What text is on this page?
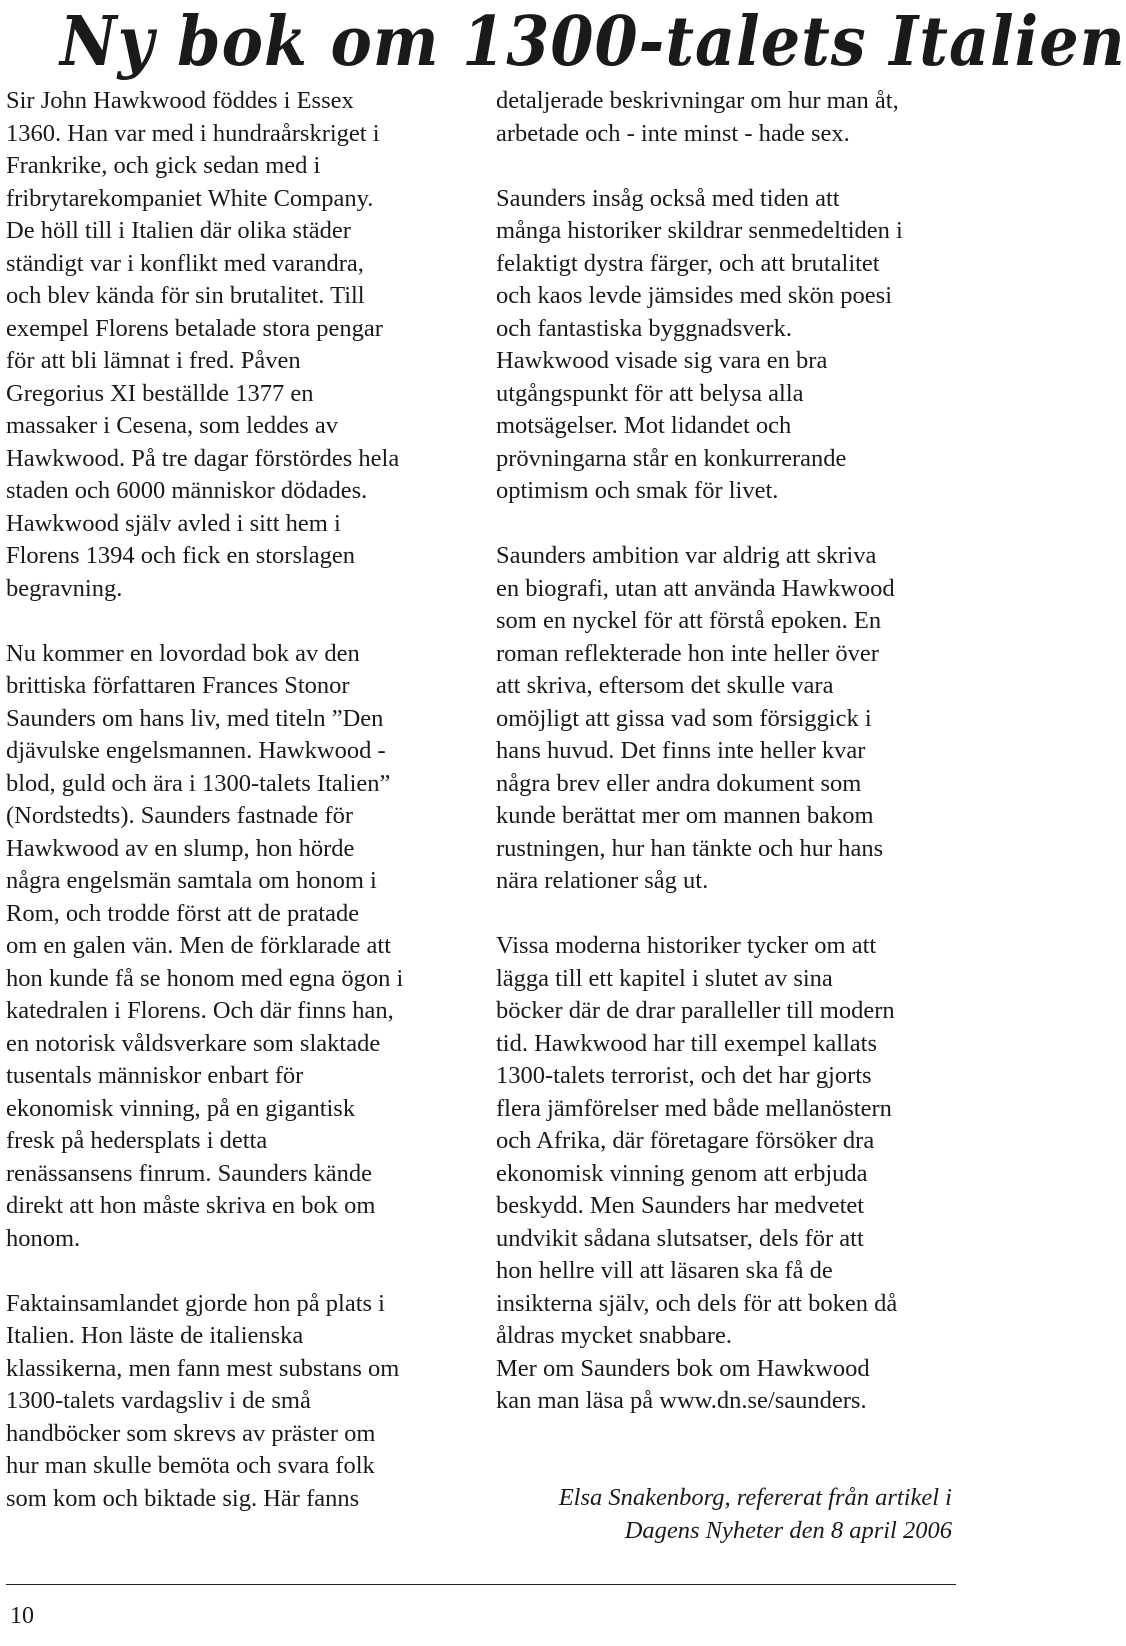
Ny bok om 1300-talets Italien

Sir John Hawkwood föddes i Essex
1360. Han var med i hundraårskriget i
Frankrike, och gick sedan med i
fribrytarekompaniet White Company.
De höll till i Italien där olika städer
ständigt var i konflikt med varandra,
och blev kända för sin brutalitet. Till
exempel Florens betalade stora pengar
för att bli lämnat i fred. Påven
Gregorius XI beställde 1377 en
massaker i Cesena, som leddes av
Hawkwood. På tre dagar förstördes hela
staden och 6000 människor dödades.
Hawkwood själv avled i sitt hem i
Florens 1394 och fick en storslagen
begravning.

Nu kommer en lovordad bok av den
brittiska författaren Frances Stonor
Saunders om hans liv, med titeln ”Den
djävulske engelsmannen. Hawkwood -
blod, guld och ära i 1300-talets Italien”
(Nordstedts). Saunders fastnade för
Hawkwood av en slump, hon hörde
några engelsmän samtala om honom i
Rom, och trodde först att de pratade
om en galen vän. Men de förklarade att
hon kunde få se honom med egna ögon i
katedralen i Florens. Och där finns han,
en notorisk våldsverkare som slaktade
tusentals människor enbart för
ekonomisk vinning, på en gigantisk
fresk på hedersplats i detta
renässansens finrum. Saunders kände
direkt att hon måste skriva en bok om
honom.

Faktainsamlandet gjorde hon på plats i
Italien. Hon läste de italienska
klassikerna, men fann mest substans om
1300-talets vardagsliv i de små
handböcker som skrevs av präster om
hur man skulle bemöta och svara folk
som kom och biktade sig. Här fanns

detaljerade beskrivningar om hur man åt,
arbetade och - inte minst - hade sex.

Saunders insåg också med tiden att
många historiker skildrar senmedeltiden i
felaktigt dystra färger, och att brutalitet
och kaos levde jämsides med skön poesi
och fantastiska byggnadsverk.
Hawkwood visade sig vara en bra
utgångspunkt för att belysa alla
motsägelser. Mot lidandet och
prövningarna står en konkurrerande
optimism och smak för livet.

Saunders ambition var aldrig att skriva
en biografi, utan att använda Hawkwood
som en nyckel för att förstå epoken. En
roman reflekterade hon inte heller över
att skriva, eftersom det skulle vara
omöjligt att gissa vad som försiggick i
hans huvud. Det finns inte heller kvar
några brev eller andra dokument som
kunde berättat mer om mannen bakom
rustningen, hur han tänkte och hur hans
nära relationer såg ut.

Vissa moderna historiker tycker om att
lägga till ett kapitel i slutet av sina
böcker där de drar paralleller till modern
tid. Hawkwood har till exempel kallats
1300-talets terrorist, och det har gjorts
flera jämförelser med både mellanöstern
och Afrika, där företagare försöker dra
ekonomisk vinning genom att erbjuda
beskydd. Men Saunders har medvetet
undvikit sådana slutsatser, dels för att
hon hellre vill att läsaren ska få de
insikterna själv, och dels för att boken då
åldras mycket snabbare.
Mer om Saunders bok om Hawkwood
kan man läsa på www.dn.se/saunders.

Elsa Snakenborg, refererat från artikel i
Dagens Nyheter den 8 april 2006
10
